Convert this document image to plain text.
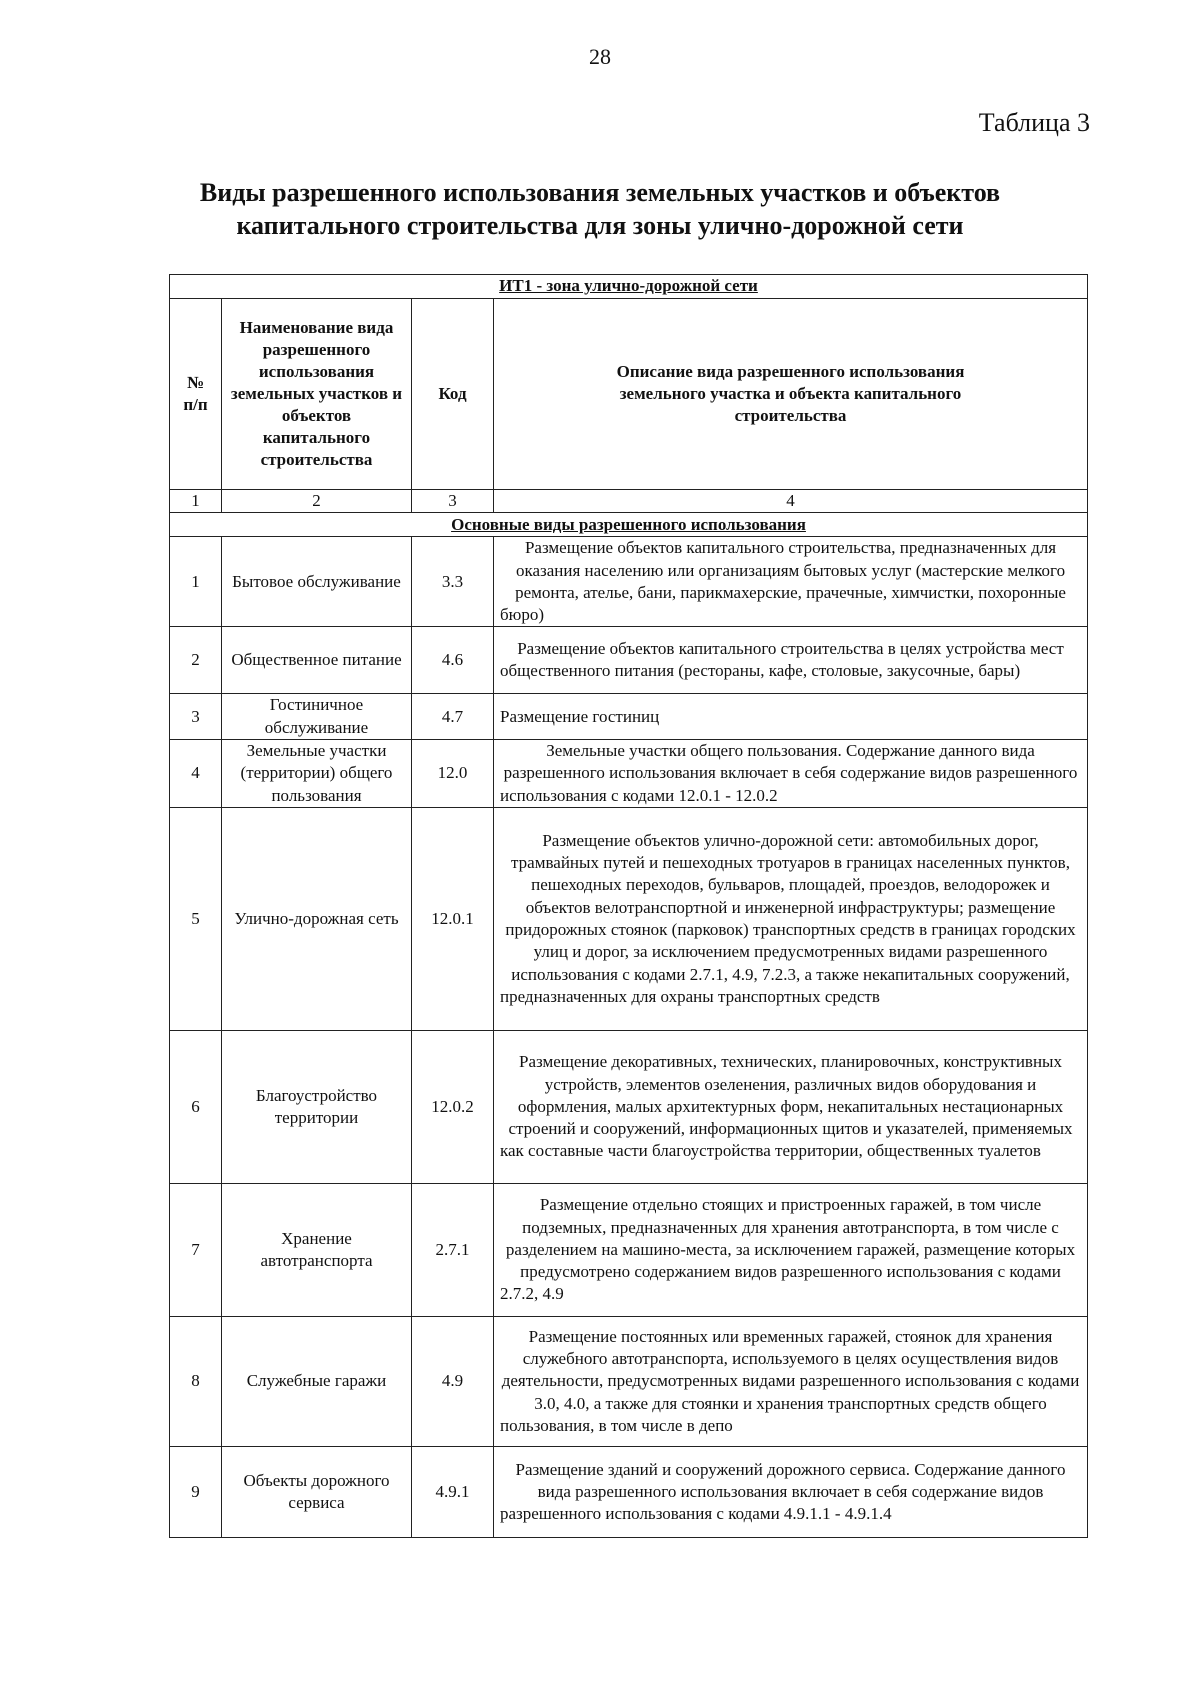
28
Таблица 3
Виды разрешенного использования земельных участков и объектов
капитального строительства для зоны улично-дорожной сети
ИТ1 - зона улично-дорожной сети			

№
п/п	Наименование вида разрешенного использования земельных участков и объектов капитального строительства	Код	Описание вида разрешенного использования земельного участка и объекта капитального строительства
1	2	3	4
Основные виды разрешенного использования			
1	Бытовое обслуживание	3.3	Размещение объектов капитального строительства, предназначенных для оказания населению или организациям бытовых услуг (мастерские мелкого ремонта, ателье, бани, парикмахерские, прачечные, химчистки, похоронные бюро)
2	Общественное питание	4.6	Размещение объектов капитального строительства в целях устройства мест общественного питания (рестораны, кафе, столовые, закусочные, бары)
3	Гостиничное обслуживание	4.7	Размещение гостиниц
4	Земельные участки (территории) общего пользования	12.0	Земельные участки общего пользования. Содержание данного вида разрешенного использования включает в себя содержание видов разрешенного использования с кодами 12.0.1 - 12.0.2
5	Улично-дорожная сеть	12.0.1	Размещение объектов улично-дорожной сети: автомобильных дорог, трамвайных путей и пешеходных тротуаров в границах населенных пунктов, пешеходных переходов, бульваров, площадей, проездов, велодорожек и объектов велотранспортной и инженерной инфраструктуры; размещение придорожных стоянок (парковок) транспортных средств в границах городских улиц и дорог, за исключением предусмотренных видами разрешенного использования с кодами 2.7.1, 4.9, 7.2.3, а также некапитальных сооружений, предназначенных для охраны транспортных средств
6	Благоустройство территории	12.0.2	Размещение декоративных, технических, планировочных, конструктивных устройств, элементов озеленения, различных видов оборудования и оформления, малых архитектурных форм, некапитальных нестационарных строений и сооружений, информационных щитов и указателей, применяемых как составные части благоустройства территории, общественных туалетов
7	Хранение автотранспорта	2.7.1	Размещение отдельно стоящих и пристроенных гаражей, в том числе подземных, предназначенных для хранения автотранспорта, в том числе с разделением на машино-места, за исключением гаражей, размещение которых предусмотрено содержанием видов разрешенного использования с кодами 2.7.2, 4.9
8	Служебные гаражи	4.9	Размещение постоянных или временных гаражей, стоянок для хранения служебного автотранспорта, используемого в целях осуществления видов деятельности, предусмотренных видами разрешенного использования с кодами 3.0, 4.0, а также для стоянки и хранения транспортных средств общего пользования, в том числе в депо
9	Объекты дорожного сервиса	4.9.1	Размещение зданий и сооружений дорожного сервиса. Содержание данного вида разрешенного использования включает в себя содержание видов разрешенного использования с кодами 4.9.1.1 - 4.9.1.4
